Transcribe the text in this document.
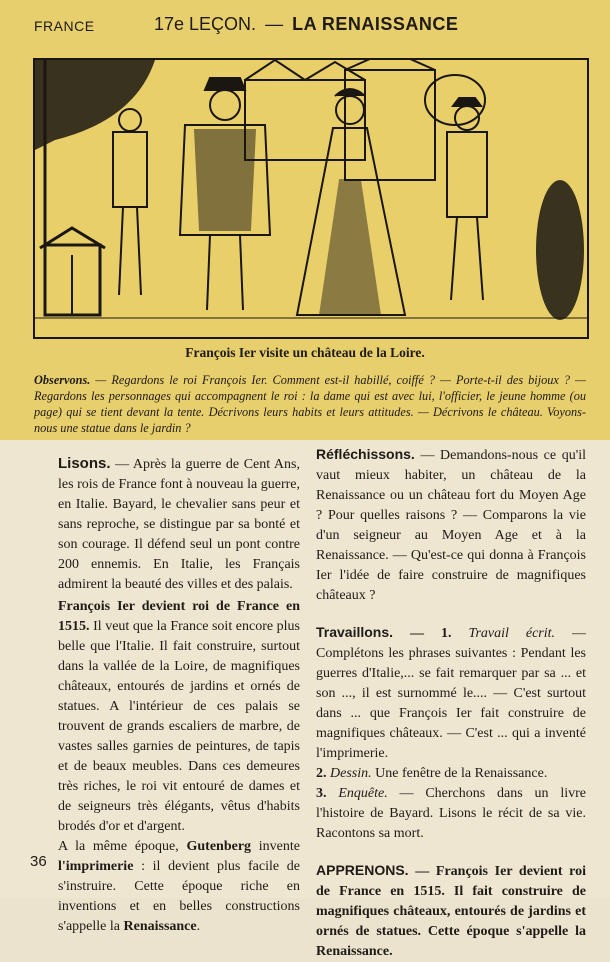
FRANCE	17e LEÇON. — LA RENAISSANCE
François Ier visite un château de la Loire.
Observons. — Regardons le roi François Ier. Comment est-il habillé, coiffé ? — Porte-t-il des bijoux ? — Regardons les personnages qui accompagnent le roi : la dame qui est avec lui, l'officier, le jeune homme (ou page) qui se tient devant la tente. Décrivons leurs habits et leurs attitudes. — Décrivons le château. Voyons-nous une statue dans le jardin ?

Lisons. — Après la guerre de Cent Ans, les rois de France font à nouveau la guerre, en Italie. Bayard, le chevalier sans peur et sans reproche, se distingue par sa bonté et son courage. Il défend seul un pont contre 200 ennemis. En Italie, les Français admirent la beauté des villes et des palais.

François Ier devient roi de France en 1515. Il veut que la France soit encore plus belle que l'Italie. Il fait construire, surtout dans la vallée de la Loire, de magnifiques châteaux, entourés de jardins et ornés de statues. A l'intérieur de ces palais se trouvent de grands escaliers de marbre, de vastes salles garnies de peintures, de tapis et de beaux meubles. Dans ces demeures très riches, le roi vit entouré de dames et de seigneurs très élégants, vêtus d'habits brodés d'or et d'argent.

A la même époque, Gutenberg invente l'imprimerie : il devient plus facile de s'instruire. Cette époque riche en inventions et en belles constructions s'appelle la Renaissance.

Réfléchissons. — Demandons-nous ce qu'il vaut mieux habiter, un château de la Renaissance ou un château fort du Moyen Age ? Pour quelles raisons ? — Comparons la vie d'un seigneur au Moyen Age et à la Renaissance. — Qu'est-ce qui donna à François Ier l'idée de faire construire de magnifiques châteaux ?

Travaillons. — 1. Travail écrit. — Complétons les phrases suivantes : Pendant les guerres d'Italie,... se fait remarquer par sa ... et son ..., il est surnommé le.... — C'est surtout dans ... que François Ier fait construire de magnifiques châteaux. — C'est ... qui a inventé l'imprimerie.

2. Dessin. Une fenêtre de la Renaissance.

3. Enquête. — Cherchons dans un livre l'histoire de Bayard. Lisons le récit de sa vie. Racontons sa mort.

APPRENONS. — François Ier devient roi de France en 1515. Il fait construire de magnifiques châteaux, entourés de jardins et ornés de statues. Cette époque s'appelle la Renaissance.

36
